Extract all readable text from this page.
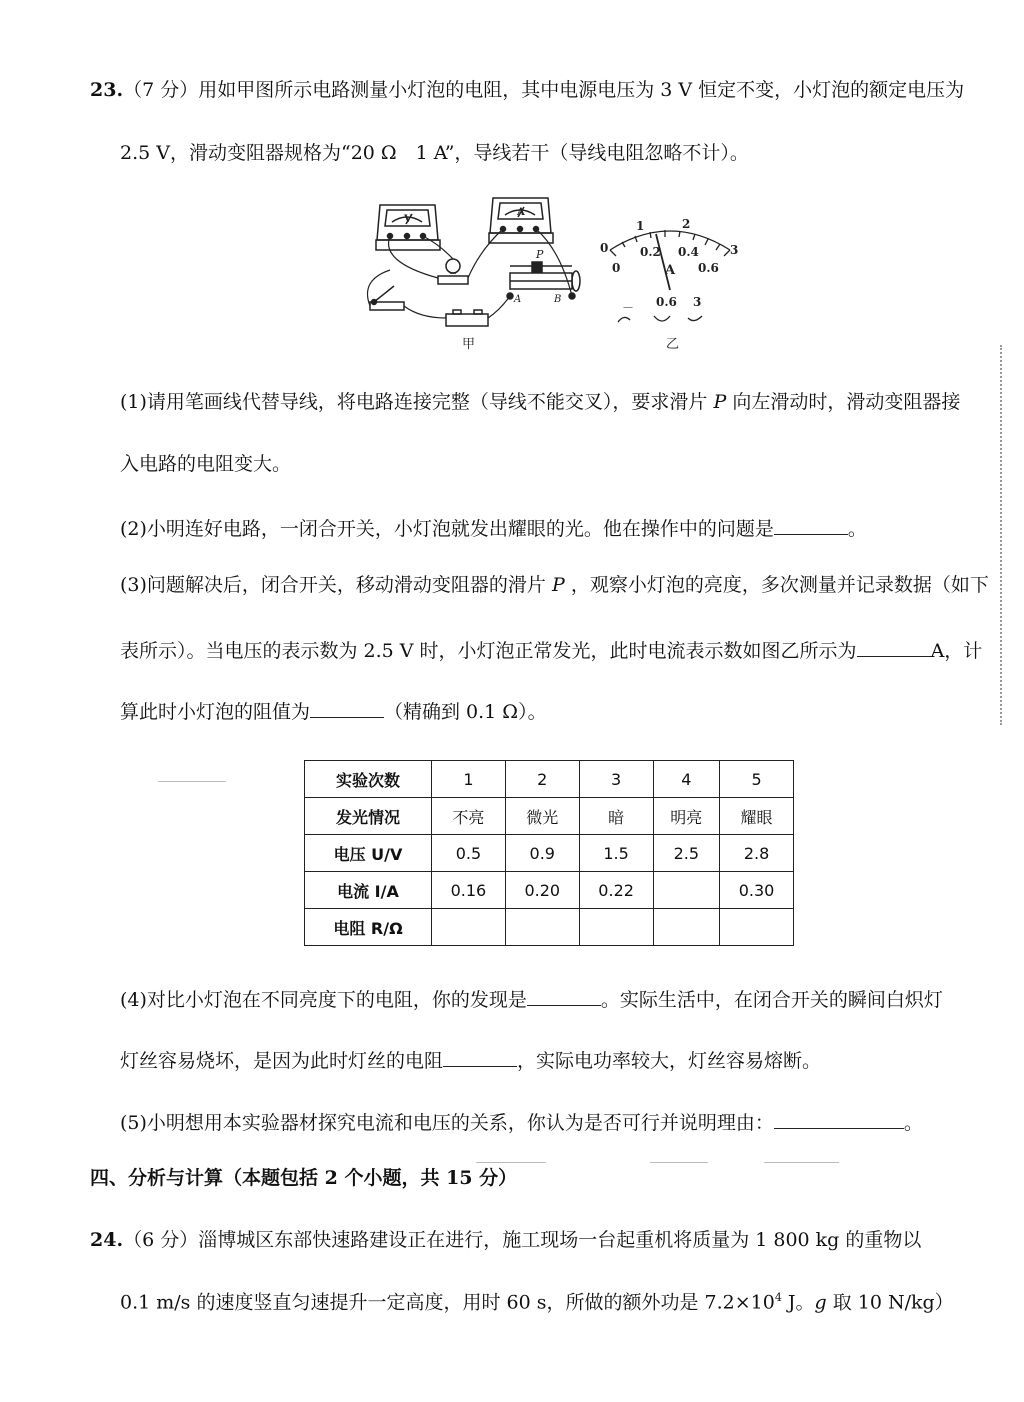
23.（7 分）用如甲图所示电路测量小灯泡的电阻，其中电源电压为 3 V 恒定不变，小灯泡的额定电压为
2.5 V，滑动变阻器规格为“20 Ω　1 A”，导线若干（导线电阻忽略不计）。
V
A
P
A	B
甲
0
1	2
3
0
0.2 0.4
0.6
A
－ 0.6 3
乙
(1)请用笔画线代替导线，将电路连接完整（导线不能交叉），要求滑片 P 向左滑动时，滑动变阻器接
入电路的电阻变大。
(2)小明连好电路，一闭合开关，小灯泡就发出耀眼的光。他在操作中的问题是	。
(3)问题解决后，闭合开关，移动滑动变阻器的滑片 P ，观察小灯泡的亮度，多次测量并记录数据（如下
表所示）。当电压的表示数为 2.5 V 时，小灯泡正常发光，此时电流表示数如图乙所示为	A，计
算此时小灯泡的阻值为	（精确到 0.1 Ω）。
实验次数	1	2	3	4	5
发光情况	不亮	微光	暗	明亮	耀眼
电压 U/V	0.5	0.9	1.5	2.5	2.8
电流 I/A	0.16	0.20	0.22		0.30
电阻 R/Ω					
(4)对比小灯泡在不同亮度下的电阻，你的发现是	。实际生活中，在闭合开关的瞬间白炽灯
灯丝容易烧坏，是因为此时灯丝的电阻	，实际电功率较大，灯丝容易熔断。
(5)小明想用本实验器材探究电流和电压的关系，你认为是否可行并说明理由：	。
四、分析与计算（本题包括 2 个小题，共 15 分）
24.（6 分）淄博城区东部快速路建设正在进行，施工现场一台起重机将质量为 1 800 kg 的重物以
0.1 m/s 的速度竖直匀速提升一定高度，用时 60 s，所做的额外功是 $7.2\times 10^4$ J。g 取 10 N/kg）
